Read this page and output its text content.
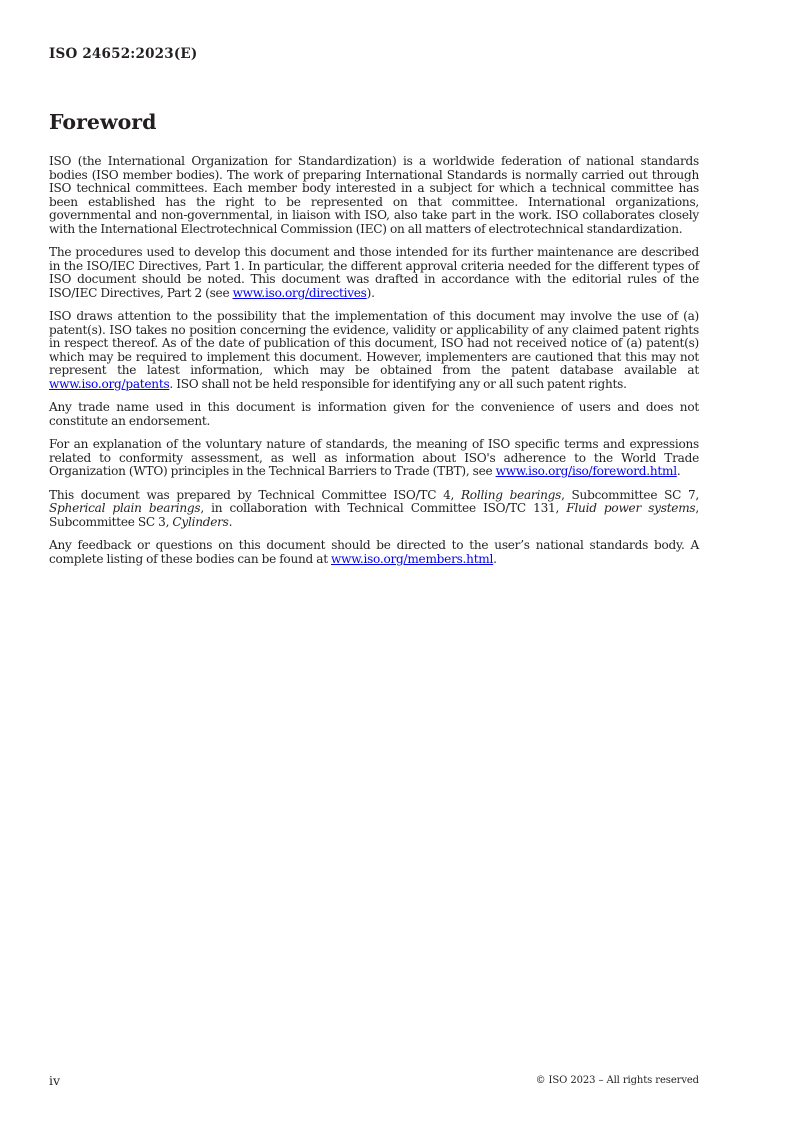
ISO 24652:2023(E)
Foreword

ISO (the International Organization for Standardization) is a worldwide federation of national standards bodies (ISO member bodies). The work of preparing International Standards is normally carried out through ISO technical committees. Each member body interested in a subject for which a technical committee has been established has the right to be represented on that committee. International organizations, governmental and non-governmental, in liaison with ISO, also take part in the work. ISO collaborates closely with the International Electrotechnical Commission (IEC) on all matters of electrotechnical standardization.

The procedures used to develop this document and those intended for its further maintenance are described in the ISO/IEC Directives, Part 1. In particular, the different approval criteria needed for the different types of ISO document should be noted. This document was drafted in accordance with the editorial rules of the ISO/IEC Directives, Part 2 (see www.iso.org/directives).

ISO draws attention to the possibility that the implementation of this document may involve the use of (a) patent(s). ISO takes no position concerning the evidence, validity or applicability of any claimed patent rights in respect thereof. As of the date of publication of this document, ISO had not received notice of (a) patent(s) which may be required to implement this document. However, implementers are cautioned that this may not represent the latest information, which may be obtained from the patent database available at www.iso.org/patents. ISO shall not be held responsible for identifying any or all such patent rights.

Any trade name used in this document is information given for the convenience of users and does not constitute an endorsement.

For an explanation of the voluntary nature of standards, the meaning of ISO specific terms and expressions related to conformity assessment, as well as information about ISO's adherence to the World Trade Organization (WTO) principles in the Technical Barriers to Trade (TBT), see www.iso.org/iso/foreword.html.

This document was prepared by Technical Committee ISO/TC 4, Rolling bearings, Subcommittee SC 7, Spherical plain bearings, in collaboration with Technical Committee ISO/TC 131, Fluid power systems, Subcommittee SC 3, Cylinders.

Any feedback or questions on this document should be directed to the user’s national standards body. A complete listing of these bodies can be found at www.iso.org/members.html.

iv	© ISO 2023 – All rights reserved
